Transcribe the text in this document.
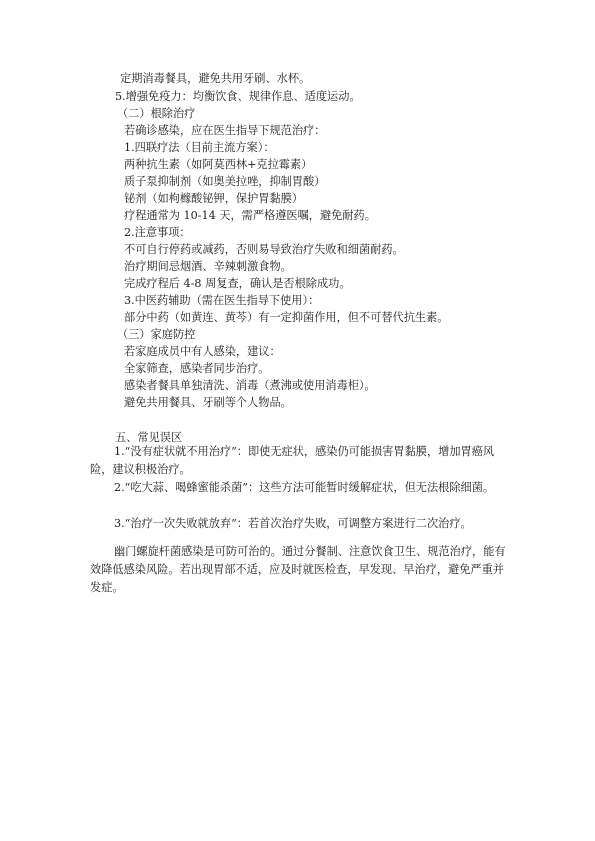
定期消毒餐具，避免共用牙刷、水杯。
5.增强免疫力：均衡饮食、规律作息、适度运动。
（二）根除治疗
若确诊感染，应在医生指导下规范治疗：
1.四联疗法（目前主流方案）：
两种抗生素（如阿莫西林+克拉霉素）
质子泵抑制剂（如奥美拉唑，抑制胃酸）
铋剂（如枸橼酸铋钾，保护胃黏膜）
疗程通常为 10-14 天，需严格遵医嘱，避免耐药。
2.注意事项：
不可自行停药或减药，否则易导致治疗失败和细菌耐药。
治疗期间忌烟酒、辛辣刺激食物。
完成疗程后 4-8 周复查，确认是否根除成功。
3.中医药辅助（需在医生指导下使用）：
部分中药（如黄连、黄芩）有一定抑菌作用，但不可替代抗生素。
（三）家庭防控
若家庭成员中有人感染，建议：
全家筛查，感染者同步治疗。
感染者餐具单独清洗、消毒（煮沸或使用消毒柜）。
避免共用餐具、牙刷等个人物品。
五、常见误区
1.“没有症状就不用治疗”：即使无症状，感染仍可能损害胃黏膜，增加胃癌风险，建议积极治疗。
2.“吃大蒜、喝蜂蜜能杀菌”：这些方法可能暂时缓解症状，但无法根除细菌。
3.“治疗一次失败就放弃”：若首次治疗失败，可调整方案进行二次治疗。
幽门螺旋杆菌感染是可防可治的。通过分餐制、注意饮食卫生、规范治疗，能有效降低感染风险。若出现胃部不适，应及时就医检查，早发现、早治疗，避免严重并发症。
